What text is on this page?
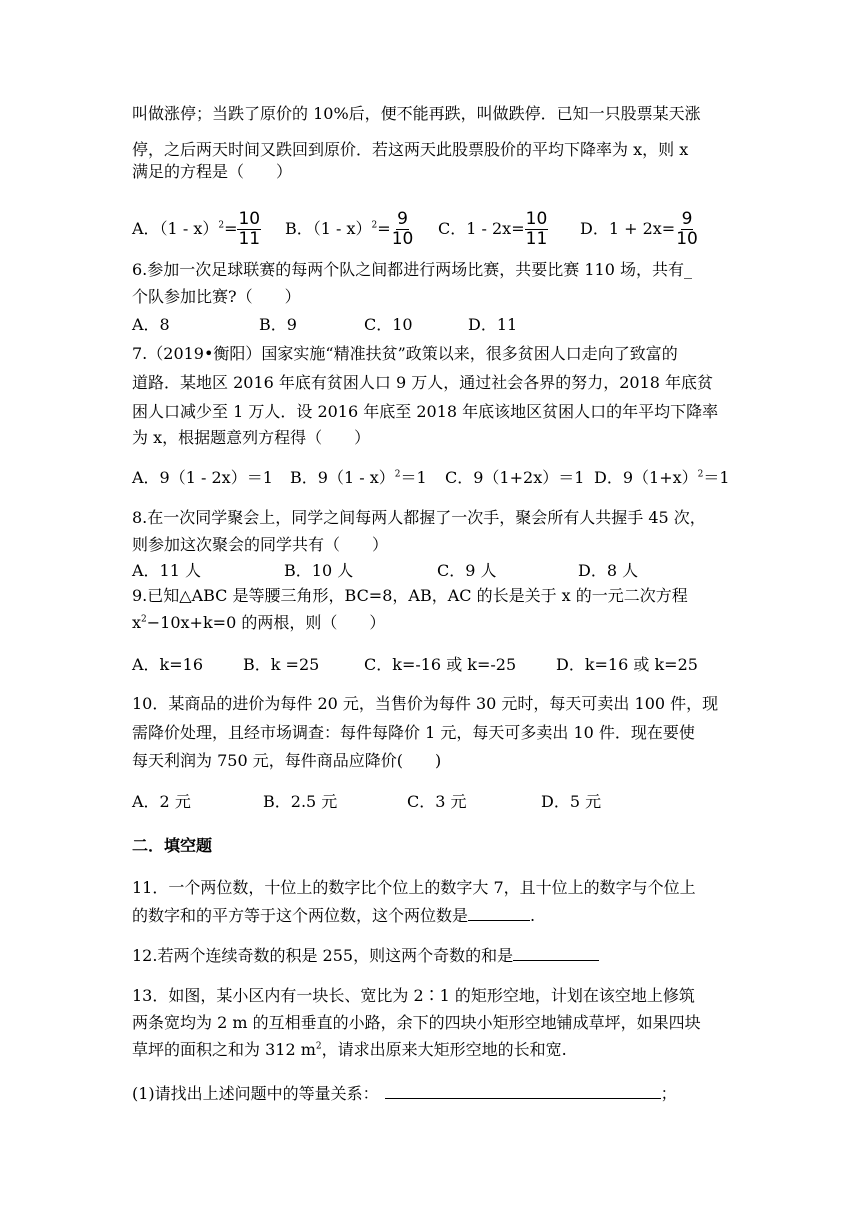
叫做涨停；当跌了原价的 10%后，便不能再跌，叫做跌停．已知一只股票某天涨
停，之后两天时间又跌回到原价．若这两天此股票股价的平均下降率为 x，则 x
满足的方程是（　　）
A．$(1 - x)^2= \frac{10}{11}$ B．$(1 - x)^2= \frac{9}{10}$ C．$1 - 2x= \frac{10}{11}$ D．$1 + 2x= \frac{9}{10}$
6.参加一次足球联赛的每两个队之间都进行两场比赛，共要比赛 110 场，共有_
个队参加比赛?（　　）
A．8	B．9	C．10	D．11
7.（2019•衡阳）国家实施“精准扶贫”政策以来，很多贫困人口走向了致富的
道路．某地区 2016 年底有贫困人口 9 万人，通过社会各界的努力，2018 年底贫
困人口减少至 1 万人．设 2016 年底至 2018 年底该地区贫困人口的年平均下降率
为 x，根据题意列方程得（　　）
A．9（1 - 2x）＝1 B．9（1 - x）$^2$＝1 C．9（1+2x）＝1 D．$9(1+x)^2=1$
8.在一次同学聚会上，同学之间每两人都握了一次手，聚会所有人共握手 45 次，
则参加这次聚会的同学共有（　　）
A．11 人	B．10 人	C．9 人	D．8 人
9.已知△ABC 是等腰三角形，BC=8，AB，AC 的长是关于 x 的一元二次方程
$x^2-10x+k=0$ 的两根，则（　　）
A．k=16 B．k =25	C．k=-16 或 k=-25 D．k=16 或 k=25
10．某商品的进价为每件 20 元，当售价为每件 30 元时，每天可卖出 100 件，现
需降价处理，且经市场调查：每件每降价 1 元，每天可多卖出 10 件．现在要使
每天利润为 750 元，每件商品应降价(　　)
A．2 元	B．2.5 元	C．3 元	D．5 元
二．填空题
11．一个两位数，十位上的数字比个位上的数字大 7，且十位上的数字与个位上
的数字和的平方等于这个两位数，这个两位数是	.
12.若两个连续奇数的积是 255，则这两个奇数的和是
13．如图，某小区内有一块长、宽比为 2∶1 的矩形空地，计划在该空地上修筑
两条宽均为 2 m 的互相垂直的小路，余下的四块小矩形空地铺成草坪，如果四块
草坪的面积之和为 312 $m^2$，请求出原来大矩形空地的长和宽.
(1)请找出上述问题中的等量关系：	；
